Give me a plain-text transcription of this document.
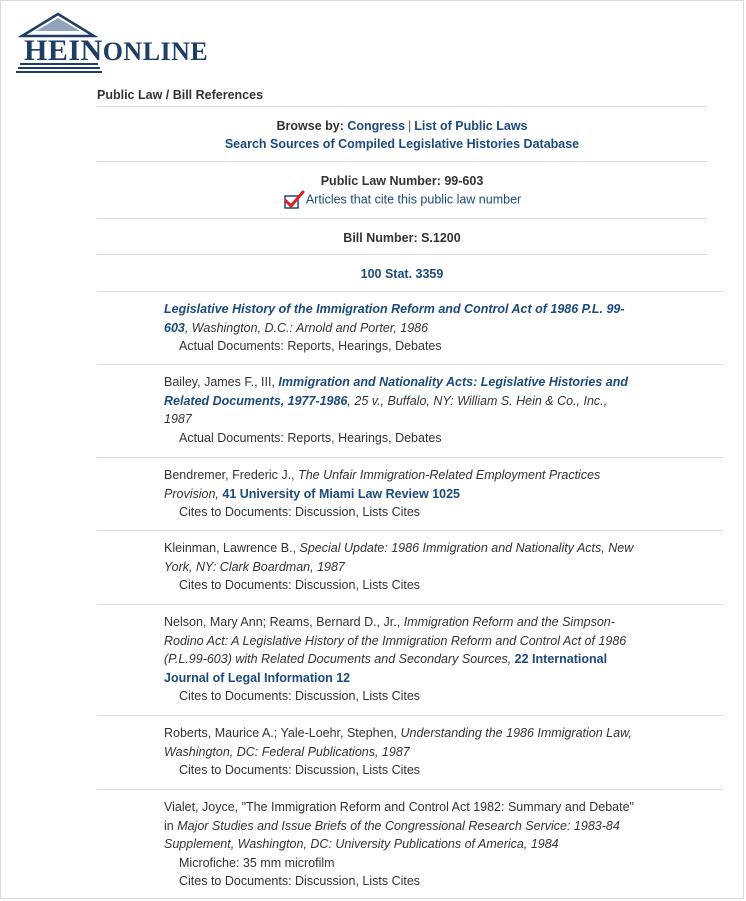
HEINONLINE
Public Law / Bill References
Browse by: Congress | List of Public Laws
Search Sources of Compiled Legislative Histories Database
Public Law Number: 99-603
Articles that cite this public law number
Bill Number: S.1200
100 Stat. 3359
Legislative History of the Immigration Reform and Control Act of 1986 P.L. 99-603, Washington, D.C.: Arnold and Porter, 1986
Actual Documents: Reports, Hearings, Debates
Bailey, James F., III, Immigration and Nationality Acts: Legislative Histories and Related Documents, 1977-1986, 25 v., Buffalo, NY: William S. Hein & Co., Inc., 1987
Actual Documents: Reports, Hearings, Debates
Bendremer, Frederic J., The Unfair Immigration-Related Employment Practices Provision, 41 University of Miami Law Review 1025
Cites to Documents: Discussion, Lists Cites
Kleinman, Lawrence B., Special Update: 1986 Immigration and Nationality Acts, New York, NY: Clark Boardman, 1987
Cites to Documents: Discussion, Lists Cites
Nelson, Mary Ann; Reams, Bernard D., Jr., Immigration Reform and the Simpson-Rodino Act: A Legislative History of the Immigration Reform and Control Act of 1986 (P.L.99-603) with Related Documents and Secondary Sources, 22 International Journal of Legal Information 12
Cites to Documents: Discussion, Lists Cites
Roberts, Maurice A.; Yale-Loehr, Stephen, Understanding the 1986 Immigration Law, Washington, DC: Federal Publications, 1987
Cites to Documents: Discussion, Lists Cites
Vialet, Joyce, "The Immigration Reform and Control Act 1982: Summary and Debate" in Major Studies and Issue Briefs of the Congressional Research Service: 1983-84 Supplement, Washington, DC: University Publications of America, 1984
Microfiche: 35 mm microfilm
Cites to Documents: Discussion, Lists Cites
